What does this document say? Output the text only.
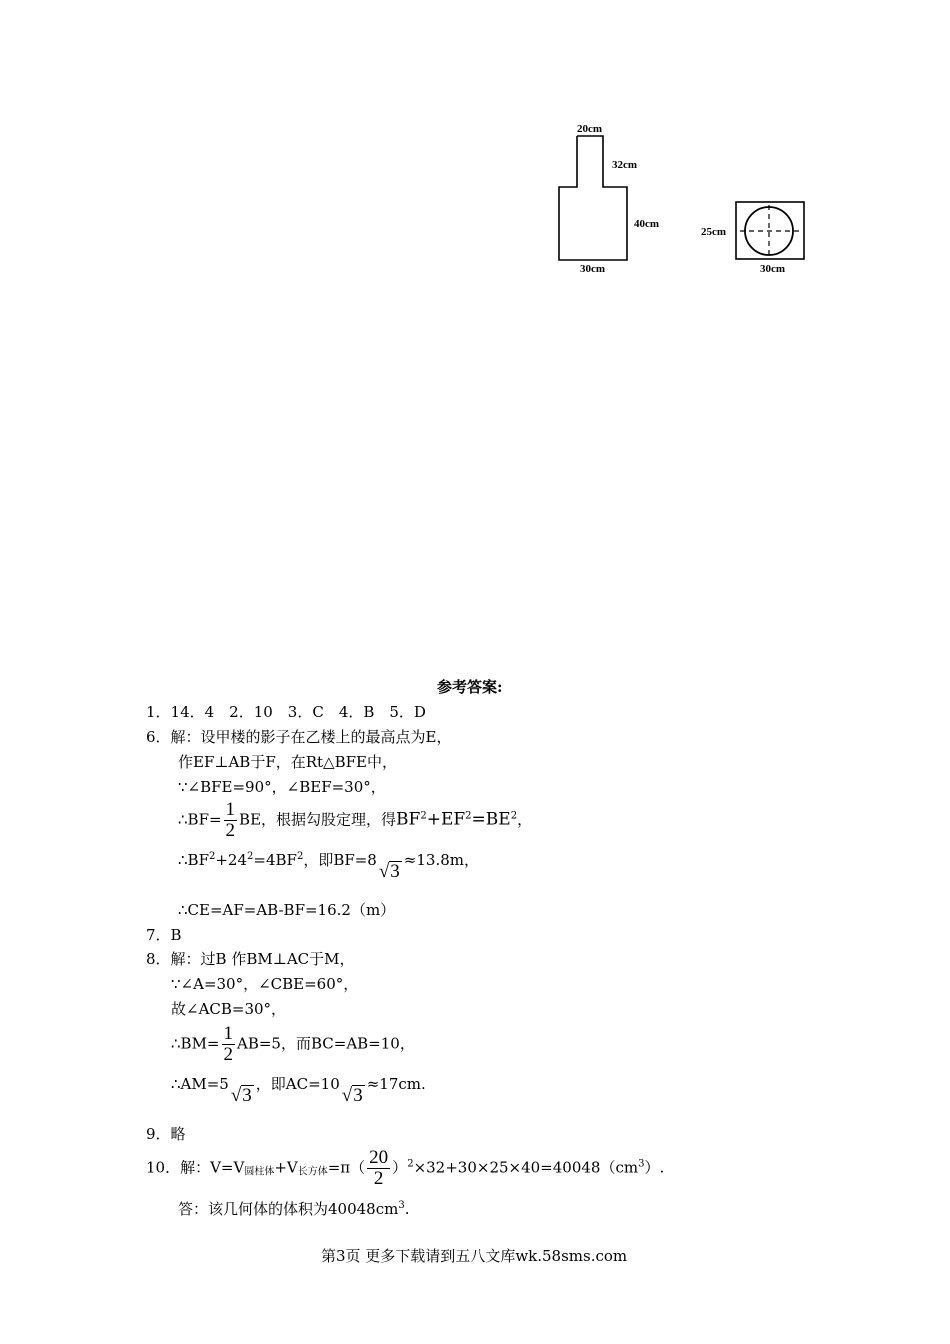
20cm
32cm
40cm
30cm
25cm
30cm
参考答案:
1．14．4　2．10　3．C　4．B　5．D
6．解：设甲楼的影子在乙楼上的最高点为E，
作EF⊥AB于F，在Rt△BFE中，
∵∠BFE=90°，∠BEF=30°，
∴BF= $\frac{1}{2}$ BE，根据勾股定理，得$BF^2+EF^2=BE^2$，
$\therefore BF^2+24^2=4BF^2$，即BF=8√3≈13.8m，
∴CE=AF=AB-BF=16.2（m）
7．B
8．解：过B 作BM⊥AC于M，
∵∠A=30°，∠CBE=60°，
故∠ACB=30°，
∴BM= $\frac{1}{2} AB=5$，而BC=AB=10，
∴AM=5√3，即AC=10√3≈17cm.
9．略
10．解：V=V圆柱体+V长方体$=\pi( \frac{20}{2} )^2\times 32+30\times 25\times 40=40048(cm^3)$.
答：该几何体的体积为$40048cm^3$.
第3页 更多下载请到五八文库wk.58sms.com
